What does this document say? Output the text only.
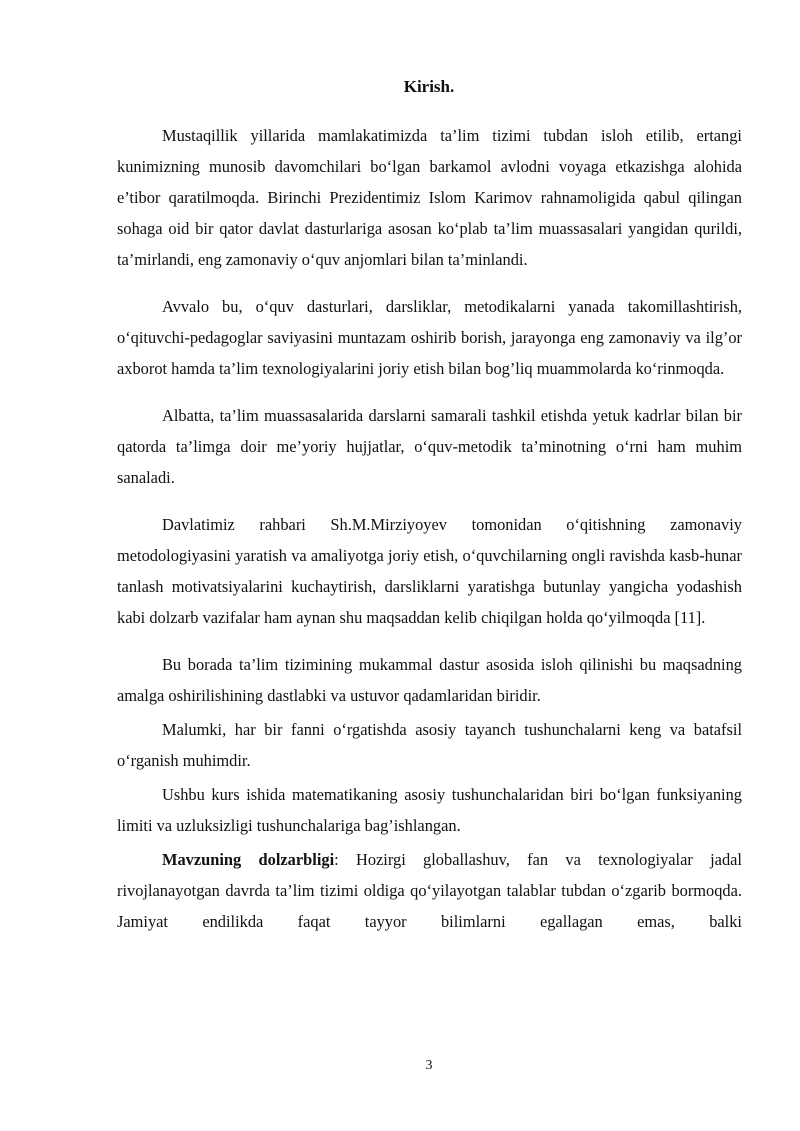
Kirish.

Mustaqillik yillarida mamlakatimizda ta’lim tizimi tubdan isloh etilib, ertangi kunimizning munosib davomchilari bo‘lgan barkamol avlodni voyaga etkazishga alohida e’tibor qaratilmoqda. Birinchi Prezidentimiz Islom Karimov rahnamoligida qabul qilingan sohaga oid bir qator davlat dasturlariga asosan ko‘plab ta’lim muassasalari yangidan qurildi, ta’mirlandi, eng zamonaviy o‘quv anjomlari bilan ta’minlandi.

Avvalo bu, o‘quv dasturlari, darsliklar, metodikalarni yanada takomillashtirish, o‘qituvchi-pedagoglar saviyasini muntazam oshirib borish, jarayonga eng zamonaviy va ilg’or axborot hamda ta’lim texnologiyalarini joriy etish bilan bog’liq muammolarda ko‘rinmoqda.

Albatta, ta’lim muassasalarida darslarni samarali tashkil etishda yetuk kadrlar bilan bir qatorda ta’limga doir me’yoriy hujjatlar, o‘quv-metodik ta’minotning o‘rni ham muhim sanaladi.

Davlatimiz rahbari Sh.M.Mirziyoyev tomonidan o‘qitishning zamonaviy metodologiyasini yaratish va amaliyotga joriy etish, o‘quvchilarning ongli ravishda kasb-hunar tanlash motivatsiyalarini kuchaytirish, darsliklarni yaratishga butunlay yangicha yodashish kabi dolzarb vazifalar ham aynan shu maqsaddan kelib chiqilgan holda qo‘yilmoqda [11].

Bu borada ta’lim tizimining mukammal dastur asosida isloh qilinishi bu maqsadning amalga oshirilishining dastlabki va ustuvor qadamlaridan biridir.

Malumki, har bir fanni o‘rgatishda asosiy tayanch tushunchalarni keng va batafsil o‘rganish muhimdir.

Ushbu kurs ishida matematikaning asosiy tushunchalaridan biri bo‘lgan funksiyaning limiti va uzluksizligi tushunchalariga bag’ishlangan.

Mavzuning dolzarbligi: Hozirgi globallashuv, fan va texnologiyalar jadal rivojlanayotgan davrda ta’lim tizimi oldiga qo‘yilayotgan talablar tubdan o‘zgarib bormoqda. Jamiyat endilikda faqat tayyor bilimlarni egallagan emas, balki

3
